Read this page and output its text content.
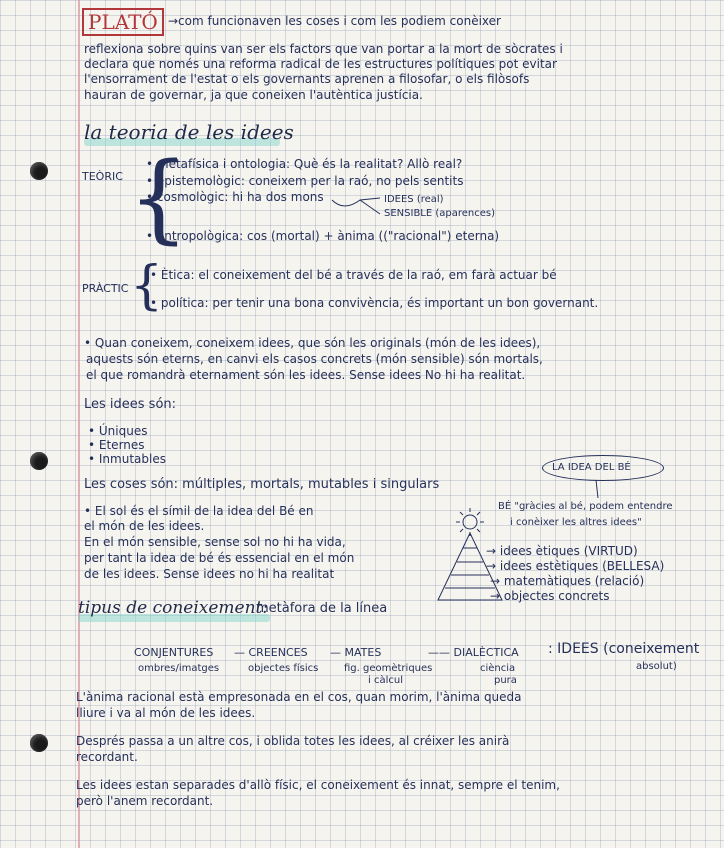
PLATÓ →com funcionaven les coses i com les podiem conèixer
reflexiona sobre quins van ser els factors que van portar a la mort de sòcrates i
declara que només una reforma radical de les estructures polítiques pot evitar
l'ensorrament de l'estat o els governants aprenen a filosofar, o els filòsofs
hauran de governar, ja que coneixen l'autèntica justícia.
la teoria de les idees
TEÒRIC {
• metafísica i ontologia: Què és la realitat? Allò real?
• epistemològic: coneixem per la raó, no pels sentits
• cosmològic: hi ha dos mons	IDEES (real)
SENSIBLE (aparences)
• antropològica: cos (mortal) + ànima (("racional") eterna)
PRÀCTIC {
• Ètica: el coneixement del bé a través de la raó, em farà actuar bé
• política: per tenir una bona convivència, és important un bon governant.
• Quan coneixem, coneixem idees, que són les originals (món de les idees),
aquests són eterns, en canvi els casos concrets (món sensible) són mortals,
el que romandrà eternament són les idees. Sense idees No hi ha realitat.
Les idees són:
• Úniques
• Eternes
• Inmutables
Les coses són: múltiples, mortals, mutables i singulars
LA IDEA DEL BÉ
BÉ "gràcies al bé, podem entendre
i conèixer les altres idees"
• El sol és el símil de la idea del Bé en
el món de les idees.
En el món sensible, sense sol no hi ha vida,
per tant la idea de bé és essencial en el món
de les idees. Sense idees no hi ha realitat
→ idees ètiques (VIRTUD)
→ idees estètiques (BELLESA)
→ matemàtiques (relació)
→ objectes concrets
tipus de coneixement:
metàfora de la línea
CONJENTURES — CREENCES — MATES	—— DIALÈCTICA : IDEES (coneixement
ombres/imatges	objectes físics	fig. geomètriques	ciència	absolut)
i càlcul	pura
L'ànima racional està empresonada en el cos, quan morim, l'ànima queda
lliure i va al món de les idees.
Després passa a un altre cos, i oblida totes les idees, al créixer les anirà
recordant.
Les idees estan separades d'allò físic, el coneixement és innat, sempre el tenim,
però l'anem recordant.
